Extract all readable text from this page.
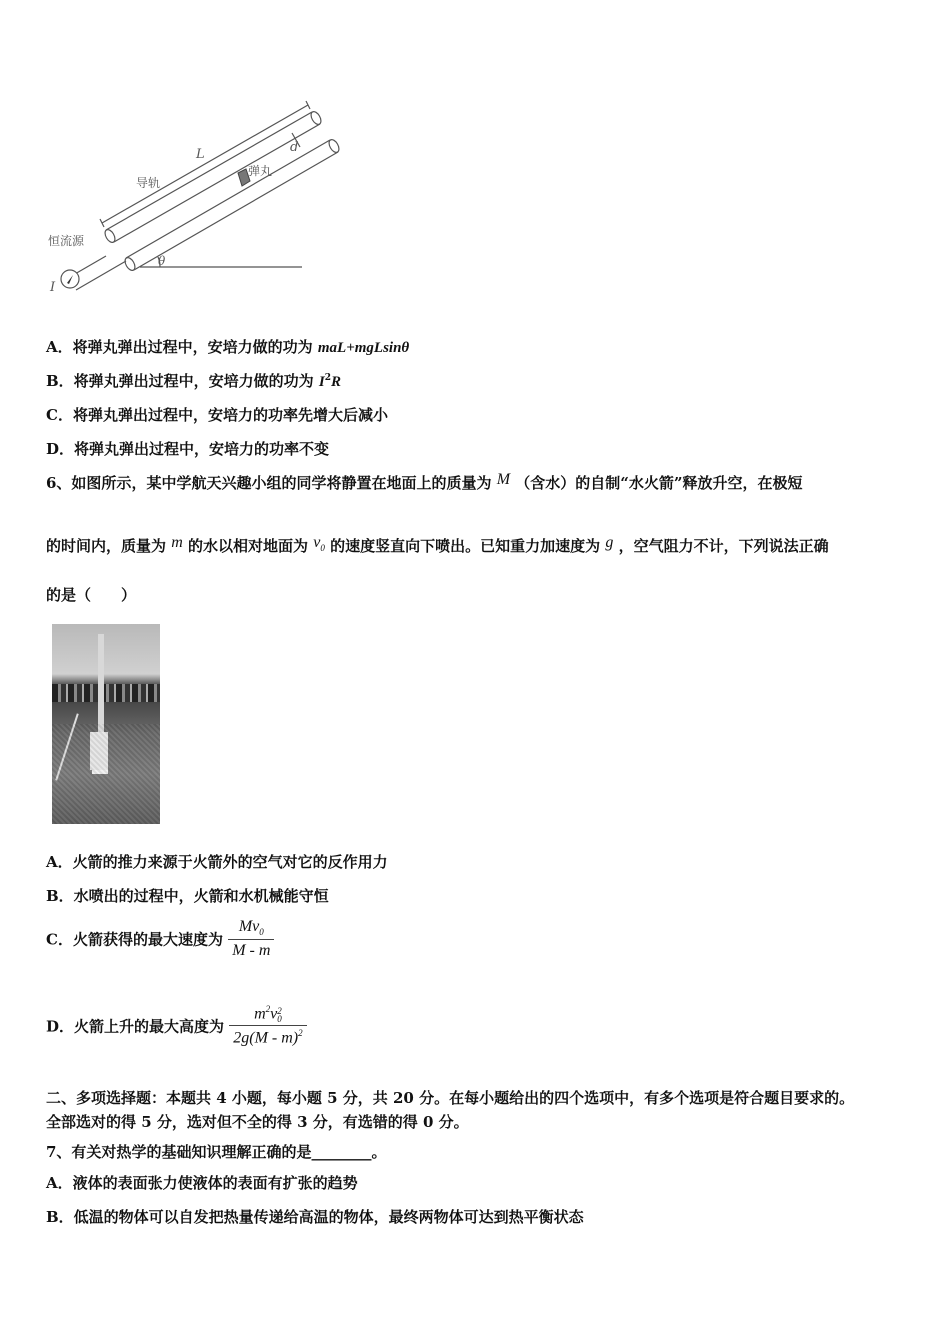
L	d
导轨
弹丸
恒流源
I
θ
A．将弹丸弹出过程中，安培力做的功为 maL+mgLsinθ
B．将弹丸弹出过程中，安培力做的功为 $I^2R$
C．将弹丸弹出过程中，安培力的功率先增大后减小
D．将弹丸弹出过程中，安培力的功率不变
6、如图所示，某中学航天兴趣小组的同学将静置在地面上的质量为 M （含水）的自制“水火箭”释放升空，在极短
的时间内，质量为 m 的水以相对地面为 $v_0$ 的速度竖直向下喷出。已知重力加速度为 g ，空气阻力不计，下列说法正确
的是（　　）
A．火箭的推力来源于火箭外的空气对它的反作用力
B．水喷出的过程中，火箭和水机械能守恒
C．火箭获得的最大速度为 $\frac{Mv_0}{M - m}$
D．火箭上升的最大高度为 $m^2v$ 2
0
2g(M - m)$^2$
二、多项选择题：本题共 4 小题，每小题 5 分，共 20 分。在每小题给出的四个选项中，有多个选项是符合题目要求的。
全部选对的得 5 分，选对但不全的得 3 分，有选错的得 0 分。
7、有关对热学的基础知识理解正确的是________。
A．液体的表面张力使液体的表面有扩张的趋势
B．低温的物体可以自发把热量传递给高温的物体，最终两物体可达到热平衡状态
